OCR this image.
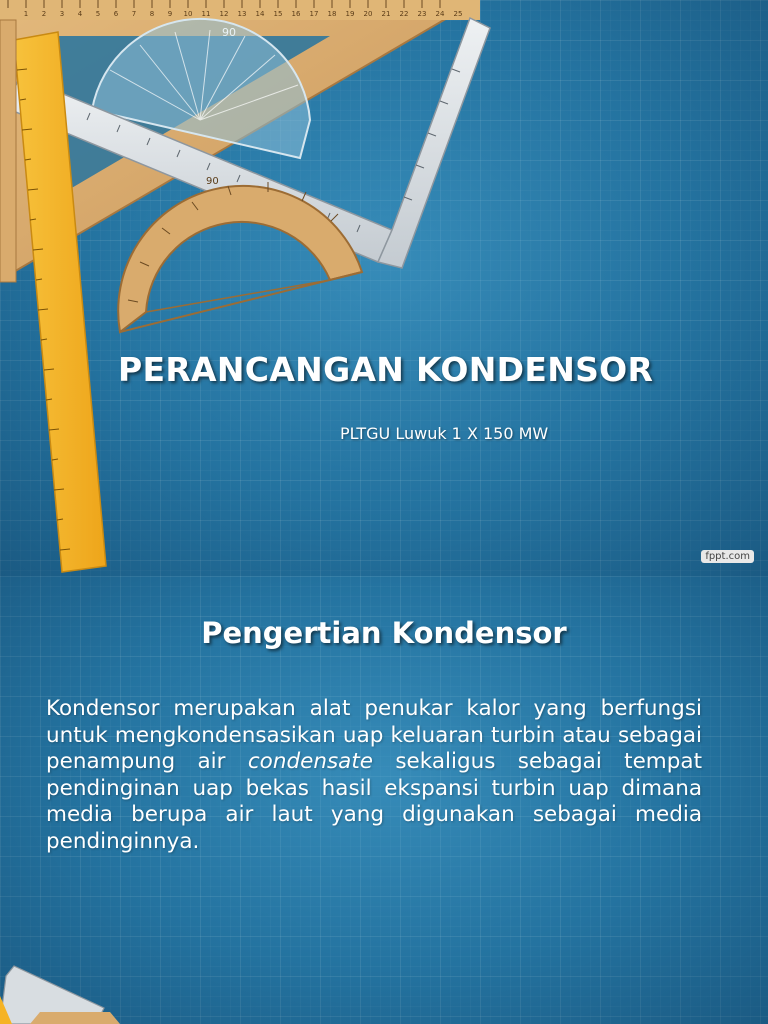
1 2 3 4 5 6 7 8 9 10 11 12 13 14 15 16 17 18 19 20 21 22 23 24 25
90
90
PERANCANGAN KONDENSOR
PLTGU Luwuk 1 X 150 MW
fppt.com
Pengertian Kondensor
Kondensor merupakan alat penukar kalor yang berfungsi untuk mengkondensasikan uap keluaran turbin atau sebagai penampung air condensate sekaligus sebagai tempat pendinginan uap bekas hasil ekspansi turbin uap dimana media berupa air laut yang digunakan sebagai media pendinginnya.
